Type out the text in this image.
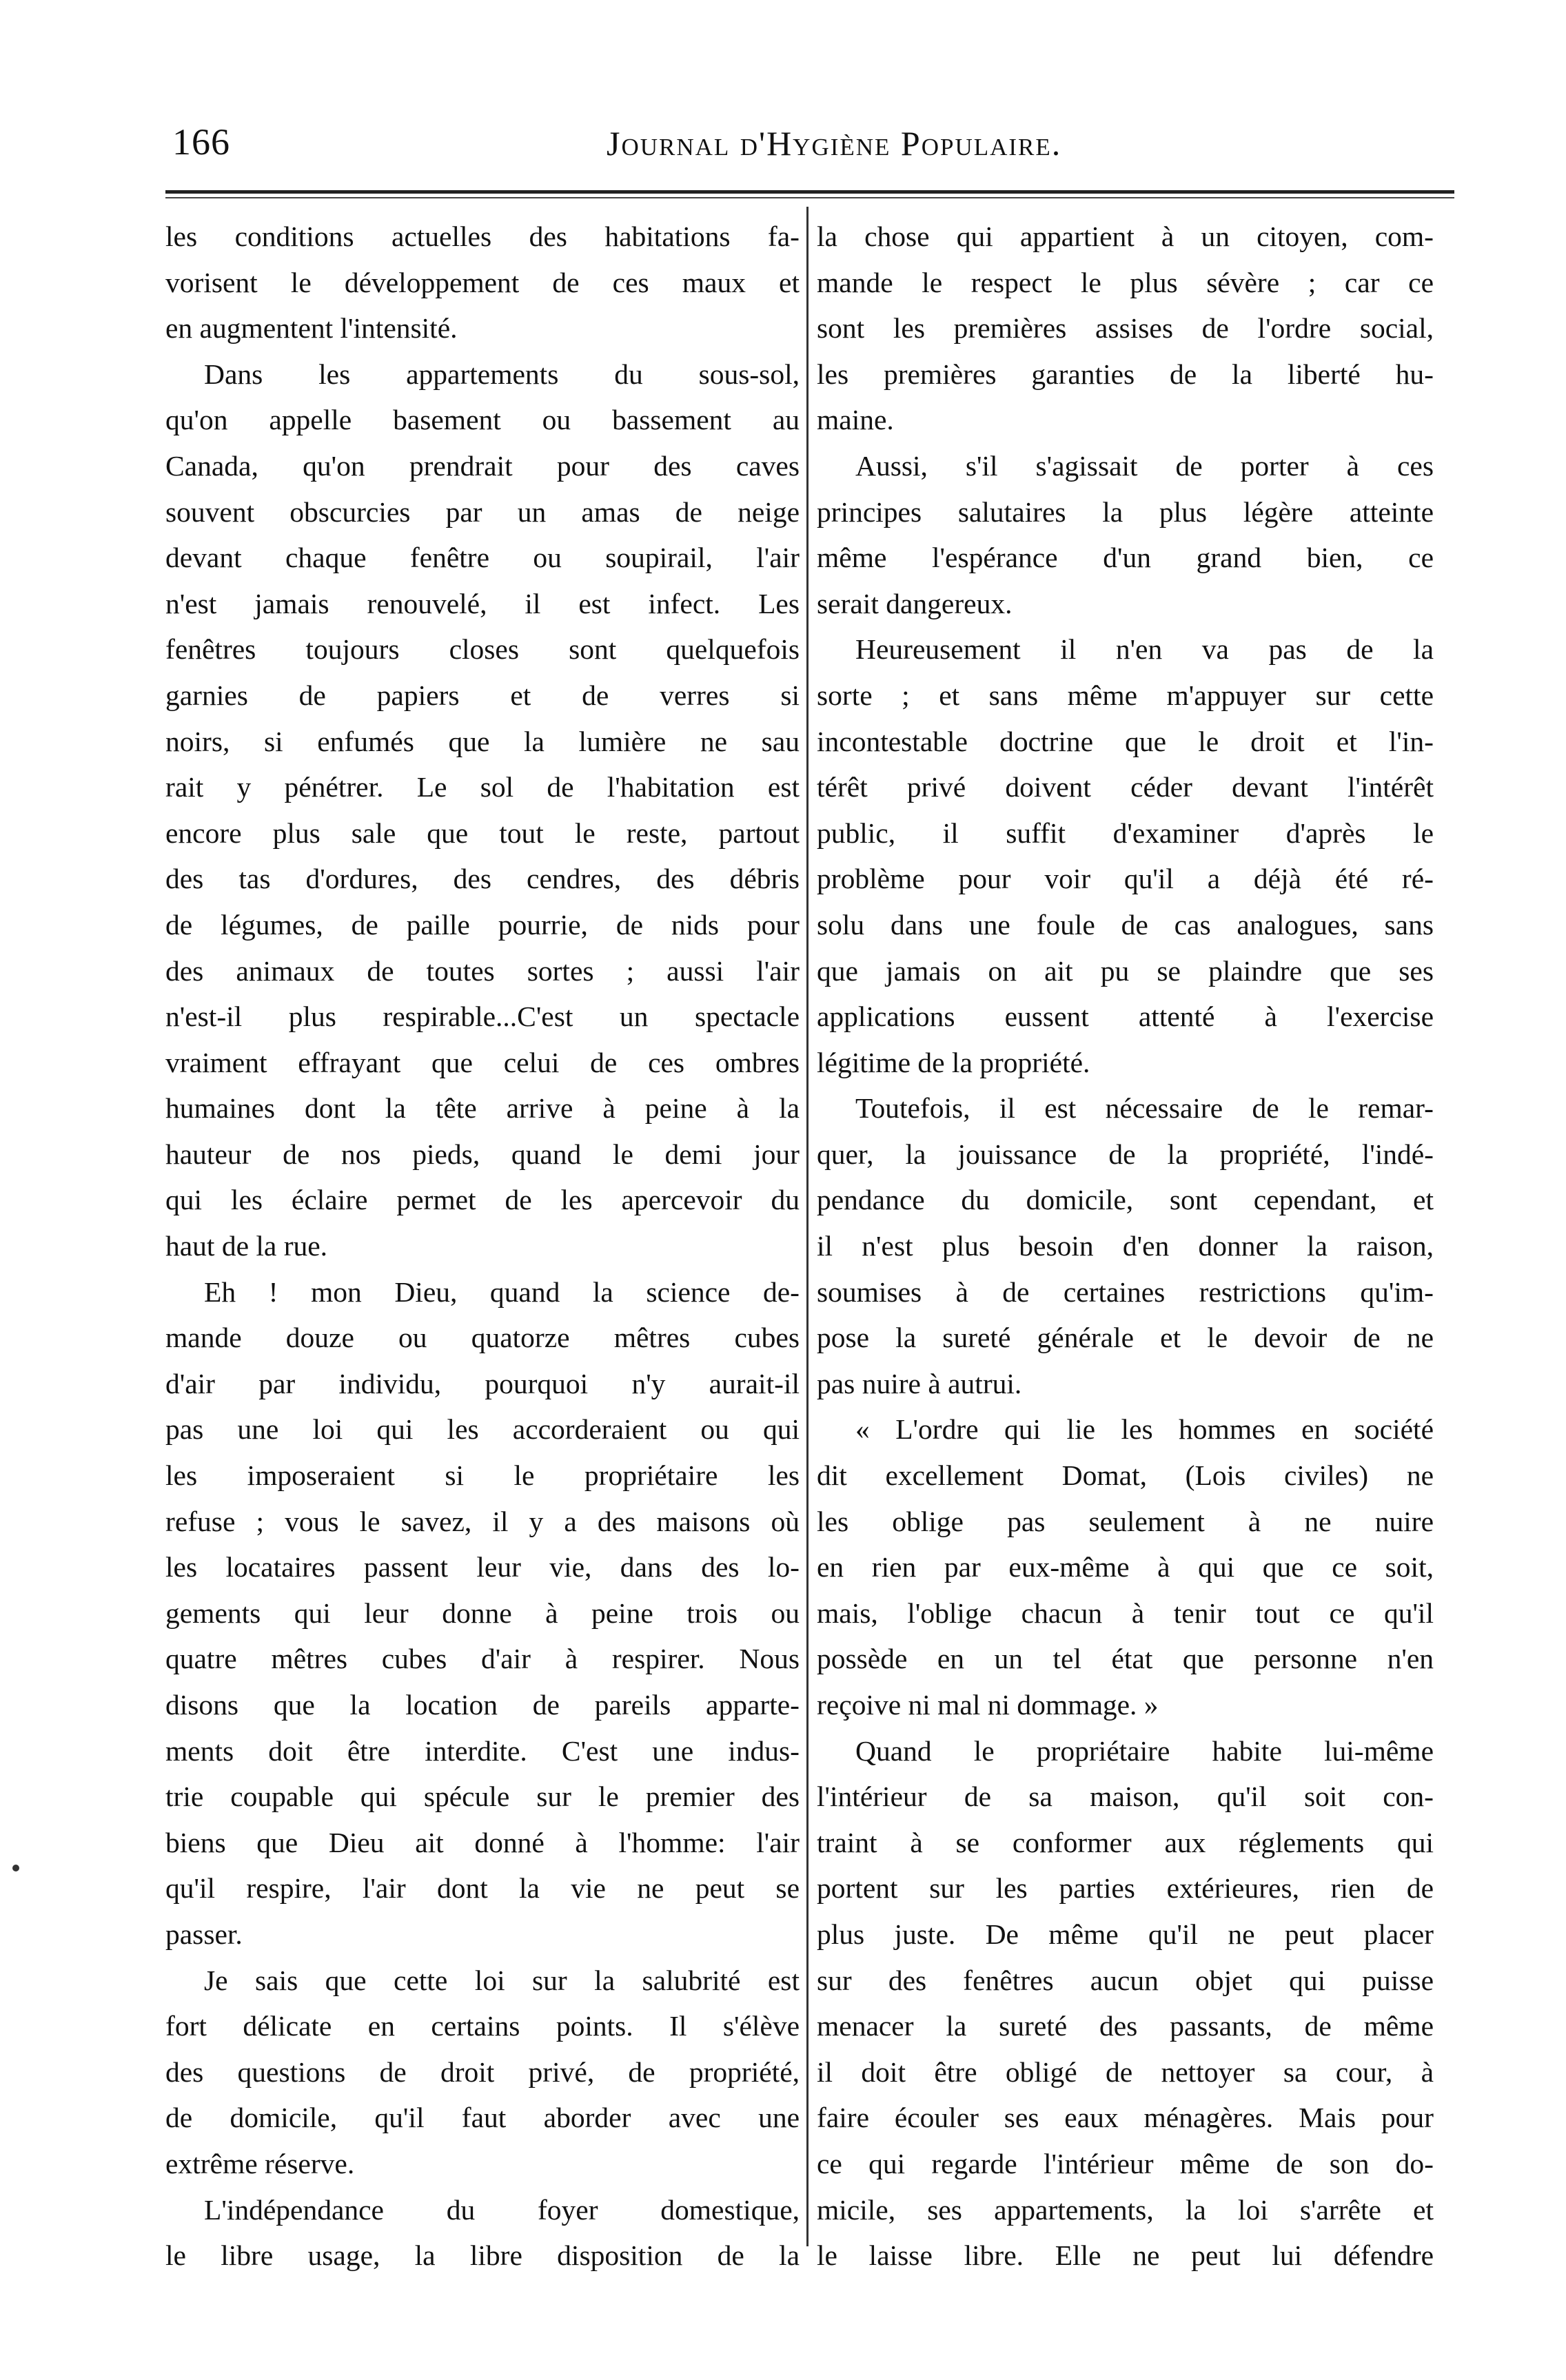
166	Journal d'Hygiène Populaire.
les conditions actuelles des habitations fa-
vorisent le développement de ces maux et
en augmentent l'intensité.
Dans les appartements du sous-sol,
qu'on appelle basement ou bassement au
Canada, qu'on prendrait pour des caves
souvent obscurcies par un amas de neige
devant chaque fenêtre ou soupirail, l'air
n'est jamais renouvelé, il est infect. Les
fenêtres toujours closes sont quelquefois
garnies de papiers et de verres si
noirs, si enfumés que la lumière ne sau
rait y pénétrer. Le sol de l'habitation est
encore plus sale que tout le reste, partout
des tas d'ordures, des cendres, des débris
de légumes, de paille pourrie, de nids pour
des animaux de toutes sortes ; aussi l'air
n'est-il plus respirable...C'est un spectacle
vraiment effrayant que celui de ces ombres
humaines dont la tête arrive à peine à la
hauteur de nos pieds, quand le demi jour
qui les éclaire permet de les apercevoir du
haut de la rue.
Eh ! mon Dieu, quand la science de-
mande douze ou quatorze mêtres cubes
d'air par individu, pourquoi n'y aurait-il
pas une loi qui les accorderaient ou qui
les imposeraient si le propriétaire les
refuse ; vous le savez, il y a des maisons où
les locataires passent leur vie, dans des lo-
gements qui leur donne à peine trois ou
quatre mêtres cubes d'air à respirer. Nous
disons que la location de pareils apparte-
ments doit être interdite. C'est une indus-
trie coupable qui spécule sur le premier des
biens que Dieu ait donné à l'homme: l'air
qu'il respire, l'air dont la vie ne peut se
passer.
Je sais que cette loi sur la salubrité est
fort délicate en certains points. Il s'élève
des questions de droit privé, de propriété,
de domicile, qu'il faut aborder avec une
extrême réserve.
L'indépendance du foyer domestique,
le libre usage, la libre disposition de la
la chose qui appartient à un citoyen, com-
mande le respect le plus sévère ; car ce
sont les premières assises de l'ordre social,
les premières garanties de la liberté hu-
maine.
Aussi, s'il s'agissait de porter à ces
principes salutaires la plus légère atteinte
même l'espérance d'un grand bien, ce
serait dangereux.
Heureusement il n'en va pas de la
sorte ; et sans même m'appuyer sur cette
incontestable doctrine que le droit et l'in-
térêt privé doivent céder devant l'intérêt
public, il suffit d'examiner d'après le
problème pour voir qu'il a déjà été ré-
solu dans une foule de cas analogues, sans
que jamais on ait pu se plaindre que ses
applications eussent attenté à l'exercise
légitime de la propriété.
Toutefois, il est nécessaire de le remar-
quer, la jouissance de la propriété, l'indé-
pendance du domicile, sont cependant, et
il n'est plus besoin d'en donner la raison,
soumises à de certaines restrictions qu'im-
pose la sureté générale et le devoir de ne
pas nuire à autrui.
« L'ordre qui lie les hommes en société
dit excellement Domat, (Lois civiles) ne
les oblige pas seulement à ne nuire
en rien par eux-même à qui que ce soit,
mais, l'oblige chacun à tenir tout ce qu'il
possède en un tel état que personne n'en
reçoive ni mal ni dommage. »
Quand le propriétaire habite lui-même
l'intérieur de sa maison, qu'il soit con-
traint à se conformer aux réglements qui
portent sur les parties extérieures, rien de
plus juste. De même qu'il ne peut placer
sur des fenêtres aucun objet qui puisse
menacer la sureté des passants, de même
il doit être obligé de nettoyer sa cour, à
faire écouler ses eaux ménagères. Mais pour
ce qui regarde l'intérieur même de son do-
micile, ses appartements, la loi s'arrête et
le laisse libre. Elle ne peut lui défendre
